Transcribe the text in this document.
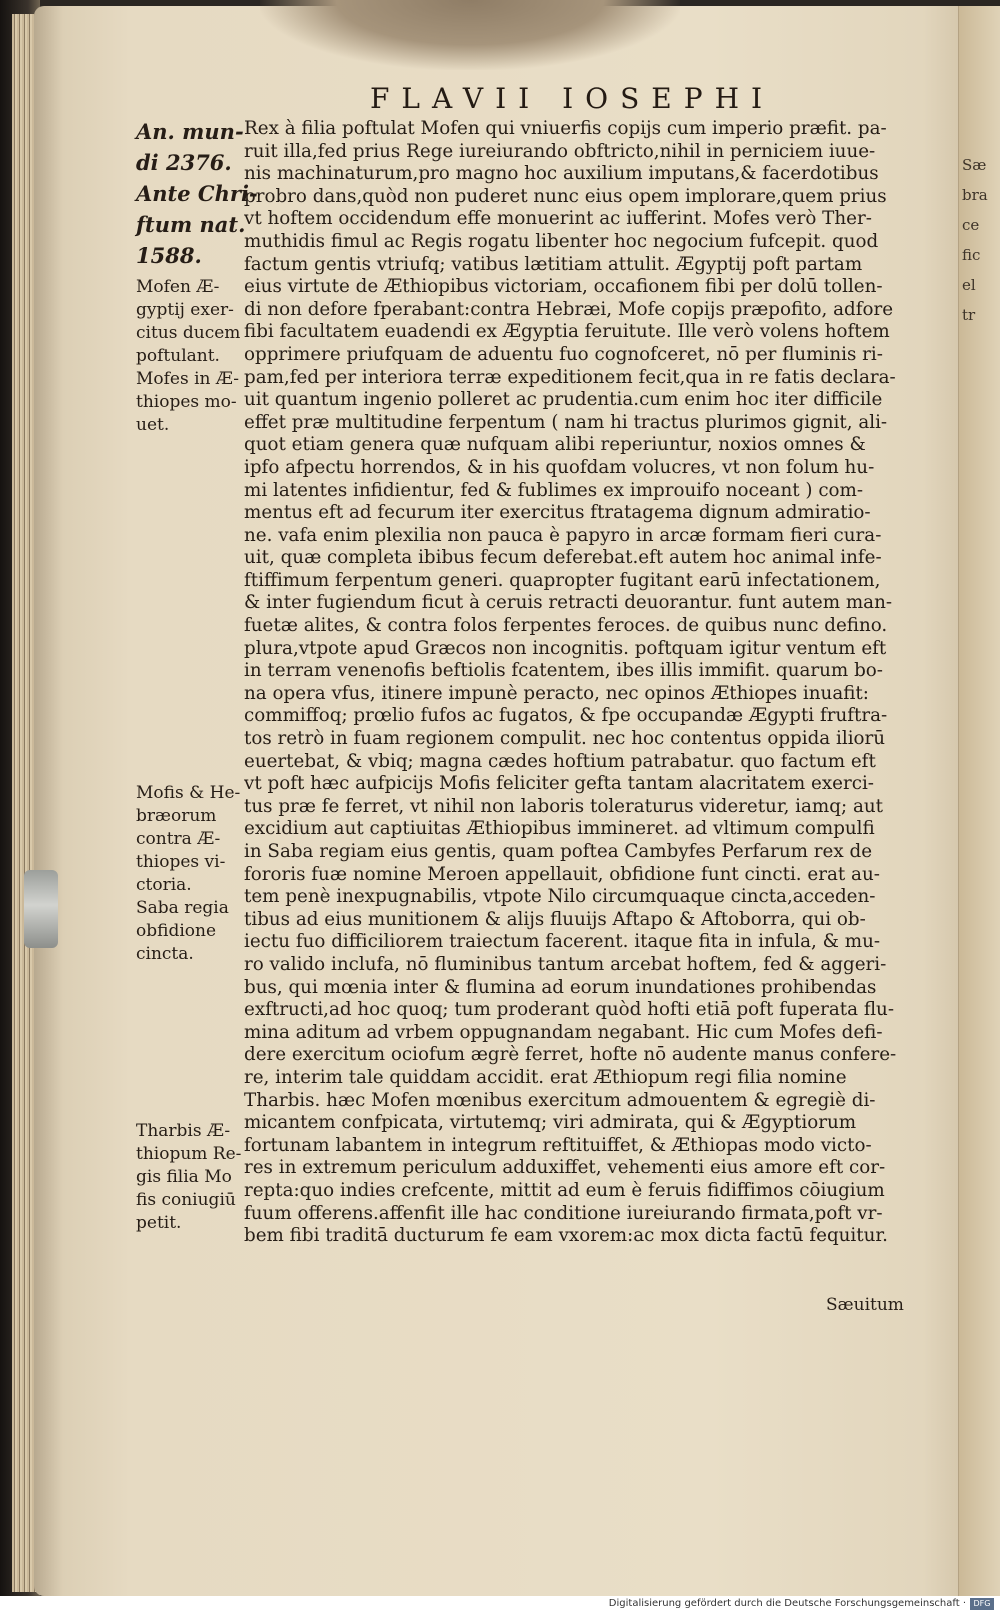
Sæ
bra
ce
fic
el
tr
FLAVII IOSEPHI
An. mun-
di 2376.
Ante Chri-
ftum nat.
1588.
Mofen Æ-
gyptij exer-
citus ducem
poftulant.
Mofes in Æ-
thiopes mo-
uet.
Mofis & He-
bræorum
contra Æ-
thiopes vi-
ctoria.
Saba regia
obfidione
cincta.
Tharbis Æ-
thiopum Re-
gis filia Mo
fis coniugiū
petit.
Rex à filia poftulat Mofen qui vniuerfis copijs cum imperio præfit. pa-
ruit illa,fed prius Rege iureiurando obftricto,nihil in perniciem iuue-
nis machinaturum,pro magno hoc auxilium imputans,& facerdotibus
probro dans,quòd non puderet nunc eius opem implorare,quem prius
vt hoftem occidendum effe monuerint ac iufferint. Mofes verò Ther-
muthidis fimul ac Regis rogatu libenter hoc negocium fufcepit. quod
factum gentis vtriufq; vatibus lætitiam attulit. Ægyptij poft partam
eius virtute de Æthiopibus victoriam, occafionem fibi per dolū tollen-
di non defore fperabant:contra Hebræi, Mofe copijs præpofito, adfore
fibi facultatem euadendi ex Ægyptia feruitute. Ille verò volens hoftem
opprimere priufquam de aduentu fuo cognofceret, nō per fluminis ri-
pam,fed per interiora terræ expeditionem fecit,qua in re fatis declara-
uit quantum ingenio polleret ac prudentia.cum enim hoc iter difficile
effet præ multitudine ferpentum ( nam hi tractus plurimos gignit, ali-
quot etiam genera quæ nufquam alibi reperiuntur, noxios omnes &
ipfo afpectu horrendos, & in his quofdam volucres, vt non folum hu-
mi latentes infidientur, fed & fublimes ex improuifo noceant ) com-
mentus eft ad fecurum iter exercitus ftratagema dignum admiratio-
ne. vafa enim plexilia non pauca è papyro in arcæ formam fieri cura-
uit, quæ completa ibibus fecum deferebat.eft autem hoc animal infe-
ftiffimum ferpentum generi. quapropter fugitant earū infectationem,
& inter fugiendum ficut à ceruis retracti deuorantur. funt autem man-
fuetæ alites, & contra folos ferpentes feroces. de quibus nunc defino.
plura,vtpote apud Græcos non incognitis. poftquam igitur ventum eft
in terram venenofis beftiolis fcatentem, ibes illis immifit. quarum bo-
na opera vfus, itinere impunè peracto, nec opinos Æthiopes inuafit:
commiffoq; prœlio fufos ac fugatos, & fpe occupandæ Ægypti fruftra-
tos retrò in fuam regionem compulit. nec hoc contentus oppida iliorū
euertebat, & vbiq; magna cædes hoftium patrabatur. quo factum eft
vt poft hæc aufpicijs Mofis feliciter gefta tantam alacritatem exerci-
tus præ fe ferret, vt nihil non laboris toleraturus videretur, iamq; aut
excidium aut captiuitas Æthiopibus immineret. ad vltimum compulfi
in Saba regiam eius gentis, quam poftea Cambyfes Perfarum rex de
fororis fuæ nomine Meroen appellauit, obfidione funt cincti. erat au-
tem penè inexpugnabilis, vtpote Nilo circumquaque cincta,acceden-
tibus ad eius munitionem & alijs fluuijs Aftapo & Aftoborra, qui ob-
iectu fuo difficiliorem traiectum facerent. itaque fita in infula, & mu-
ro valido inclufa, nō fluminibus tantum arcebat hoftem, fed & aggeri-
bus, qui mœnia inter & flumina ad eorum inundationes prohibendas
exftructi,ad hoc quoq; tum proderant quòd hofti etiā poft fuperata flu-
mina aditum ad vrbem oppugnandam negabant. Hic cum Mofes defi-
dere exercitum ociofum ægrè ferret, hofte nō audente manus confere-
re, interim tale quiddam accidit. erat Æthiopum regi filia nomine
Tharbis. hæc Mofen mœnibus exercitum admouentem & egregiè di-
micantem confpicata, virtutemq; viri admirata, qui & Ægyptiorum
fortunam labantem in integrum reftituiffet, & Æthiopas modo victo-
res in extremum periculum adduxiffet, vehementi eius amore eft cor-
repta:quo indies crefcente, mittit ad eum è feruis fidiffimos cōiugium
fuum offerens.affenfit ille hac conditione iureiurando firmata,poft vr-
bem fibi traditā ducturum fe eam vxorem:ac mox dicta factū fequitur.
Sæuitum
Digitalisierung gefördert durch die Deutsche Forschungsgemeinschaft · DFG
